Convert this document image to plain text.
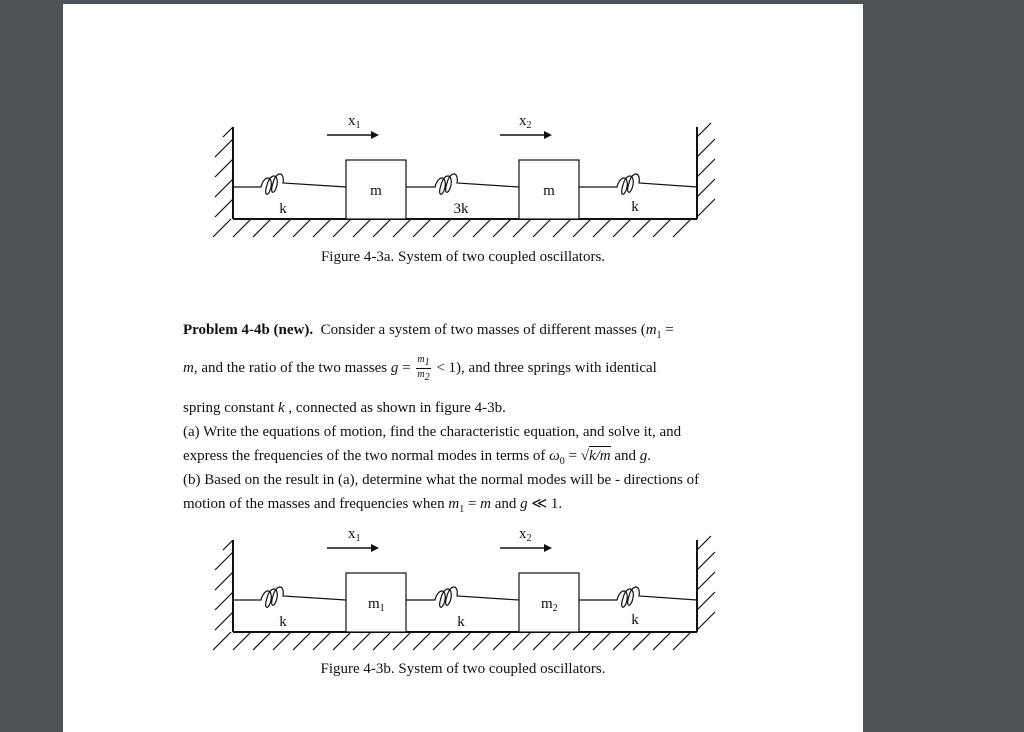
$x_1$	$x_2$
m	m
k	3k	k
Figure 4-3a. System of two coupled oscillators.
Problem 4-4b (new). Consider a system of two masses of different masses ($m_1$ =
m, and the ratio of the two masses $g = \frac{m_1}{m_2} < 1$), and three springs with identical
spring constant k , connected as shown in figure 4-3b.
(a) Write the equations of motion, find the characteristic equation, and solve it, and
express the frequencies of the two normal modes in terms of $\omega_0 = √k/m$ and g.
(b) Based on the result in (a), determine what the normal modes will be - directions of
motion of the masses and frequencies when $m_1 = m$ and g ≪ 1.
$x_1$	$x_2$
$m_1$	$m_2$
k	k	k
Figure 4-3b. System of two coupled oscillators.
